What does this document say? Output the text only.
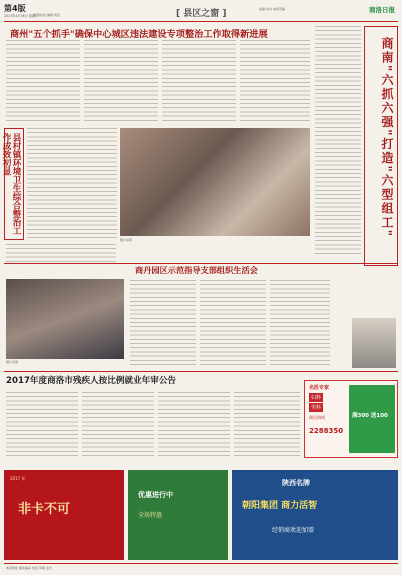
第4版
2017年4月18日 星期二
新闻热线 编辑 电话	[ 县区之窗 ]	美编 校对 本版责编	商洛日报
商州"五个抓手"确保中心城区违法建设专项整治工作取得新进展
商南"六抓六强"打造"六型组工"
县村镇环境卫生综合整治工作成效初显
图片说明
商丹园区示范指导支部组织生活会
图片说明
2017年度商洛市残疾人按比例就业年审公告
名医专家
妇科
男科
便民热线
2288350
满300 送100
2017 年
非卡不可
优惠进行中
全场特惠
陕西名牌
朝阳集团 商力活智
经销商欢迎加盟
本报地址 邮政编码 电话 印刷 定价
